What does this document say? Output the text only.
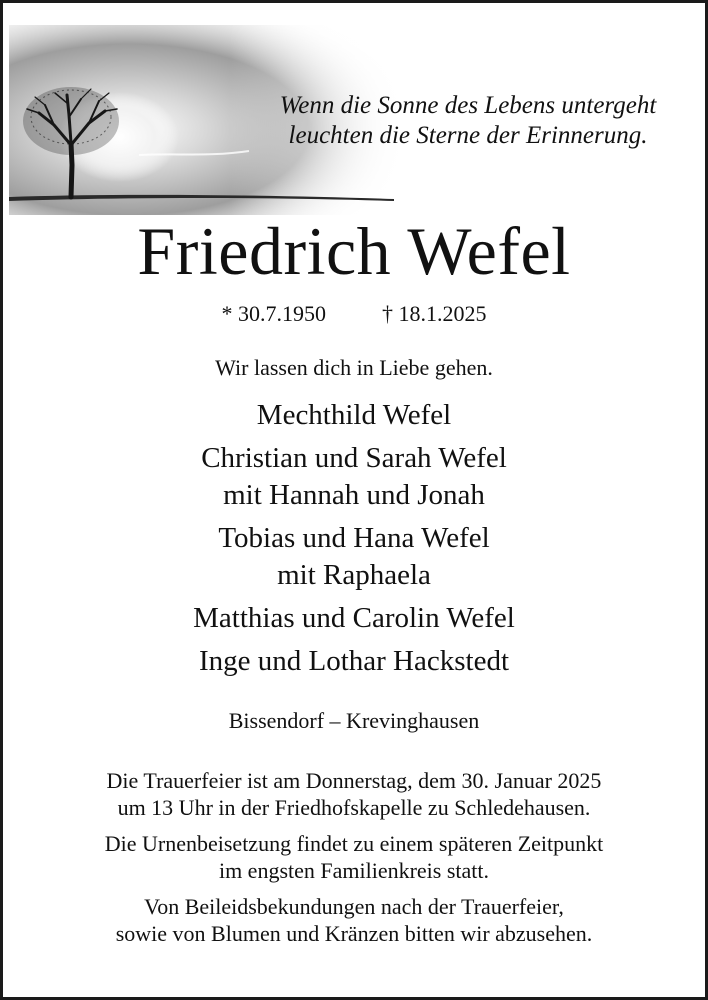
Wenn die Sonne des Lebens untergeht
leuchten die Sterne der Erinnerung.
Friedrich Wefel
* 30.7.1950	† 18.1.2025
Wir lassen dich in Liebe gehen.
Mechthild Wefel
Christian und Sarah Wefel
mit Hannah und Jonah
Tobias und Hana Wefel
mit Raphaela
Matthias und Carolin Wefel
Inge und Lothar Hackstedt
Bissendorf – Krevinghausen
Die Trauerfeier ist am Donnerstag, dem 30. Januar 2025
um 13 Uhr in der Friedhofskapelle zu Schledehausen.
Die Urnenbeisetzung findet zu einem späteren Zeitpunkt
im engsten Familienkreis statt.
Von Beileidsbekundungen nach der Trauerfeier,
sowie von Blumen und Kränzen bitten wir abzusehen.
